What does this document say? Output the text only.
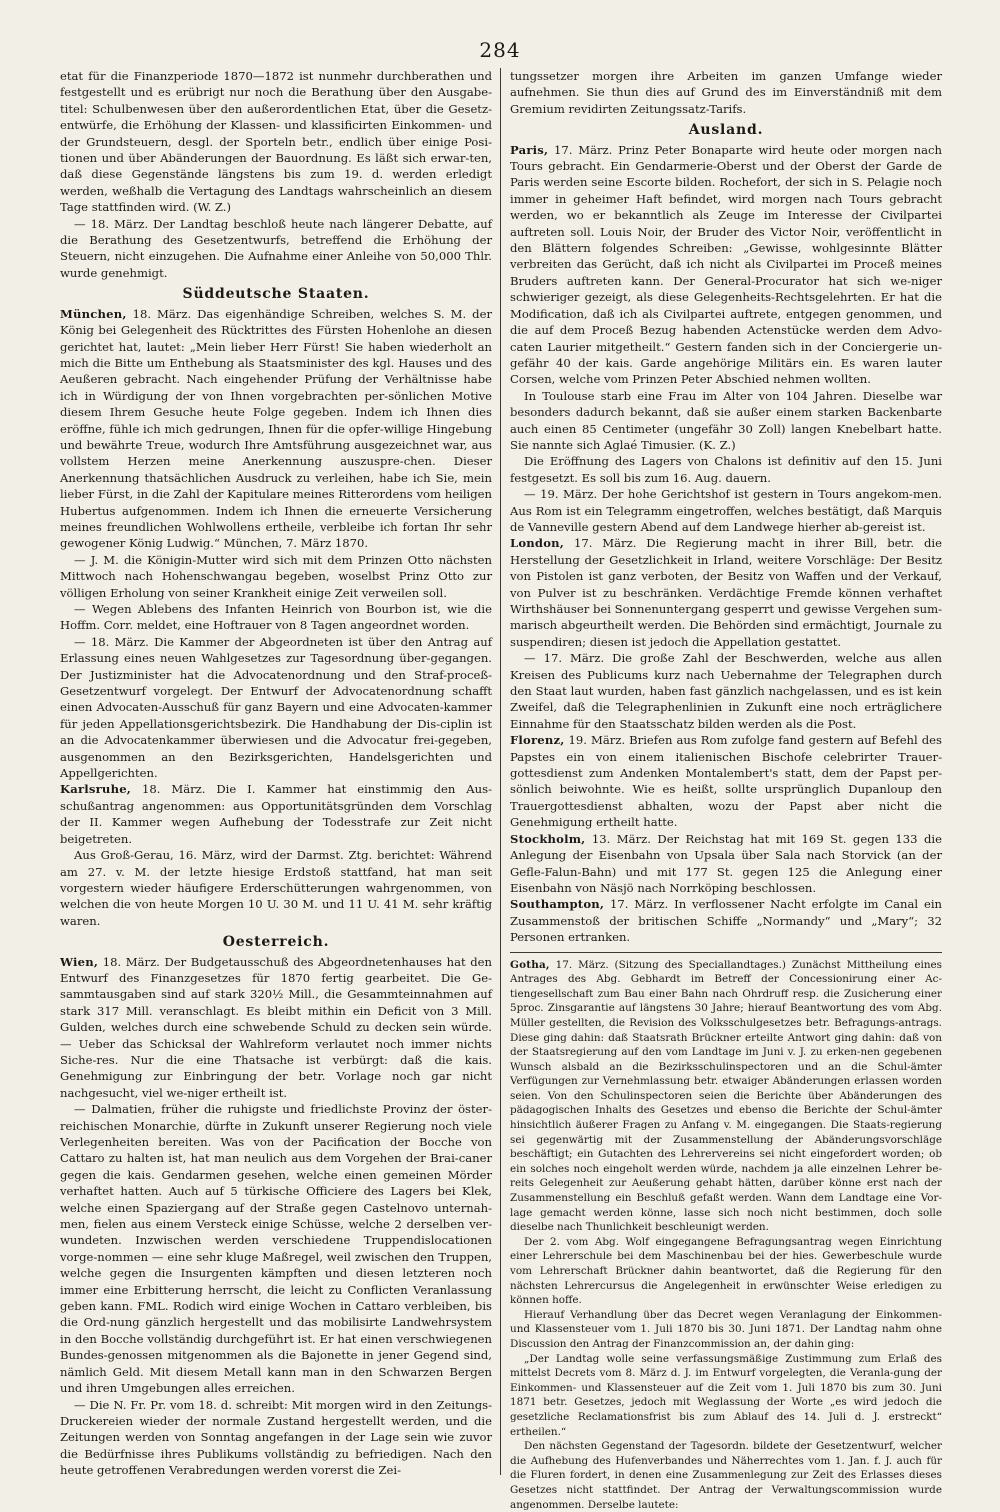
284

etat für die Finanzperiode 1870—1872 ist nunmehr durchberathen und festgestellt und es erübrigt nur noch die Berathung über den Ausgabe-titel: Schulbenwesen über den außerordentlichen Etat, über die Gesetz-entwürfe, die Erhöhung der Klassen- und klassificirten Einkommen- und der Grundsteuern, desgl. der Sporteln betr., endlich über einige Posi-tionen und über Abänderungen der Bauordnung. Es läßt sich erwar-ten, daß diese Gegenstände längstens bis zum 19. d. werden erledigt werden, weßhalb die Vertagung des Landtags wahrscheinlich an diesem Tage stattfinden wird. (W. Z.)

— 18. März. Der Landtag beschloß heute nach längerer Debatte, auf die Berathung des Gesetzentwurfs, betreffend die Erhöhung der Steuern, nicht einzugehen. Die Aufnahme einer Anleihe von 50,000 Thlr. wurde genehmigt.

Süddeutsche Staaten.

München, 18. März. Das eigenhändige Schreiben, welches S. M. der König bei Gelegenheit des Rücktrittes des Fürsten Hohenlohe an diesen gerichtet hat, lautet: „Mein lieber Herr Fürst! Sie haben wiederholt an mich die Bitte um Enthebung als Staatsminister des kgl. Hauses und des Aeußeren gebracht. Nach eingehender Prüfung der Verhältnisse habe ich in Würdigung der von Ihnen vorgebrachten per-sönlichen Motive diesem Ihrem Gesuche heute Folge gegeben. Indem ich Ihnen dies eröffne, fühle ich mich gedrungen, Ihnen für die opfer-willige Hingebung und bewährte Treue, wodurch Ihre Amtsführung ausgezeichnet war, aus vollstem Herzen meine Anerkennung auszuspre-chen. Dieser Anerkennung thatsächlichen Ausdruck zu verleihen, habe ich Sie, mein lieber Fürst, in die Zahl der Kapitulare meines Ritterordens vom heiligen Hubertus aufgenommen. Indem ich Ihnen die erneuerte Versicherung meines freundlichen Wohlwollens ertheile, verbleibe ich fortan Ihr sehr gewogener König Ludwig.“ München, 7. März 1870.

— J. M. die Königin-Mutter wird sich mit dem Prinzen Otto nächsten Mittwoch nach Hohenschwangau begeben, woselbst Prinz Otto zur völligen Erholung von seiner Krankheit einige Zeit verweilen soll.

— Wegen Ablebens des Infanten Heinrich von Bourbon ist, wie die Hoffm. Corr. meldet, eine Hoftrauer von 8 Tagen angeordnet worden.

— 18. März. Die Kammer der Abgeordneten ist über den Antrag auf Erlassung eines neuen Wahlgesetzes zur Tagesordnung über-gegangen. Der Justizminister hat die Advocatenordnung und den Straf-proceß-Gesetzentwurf vorgelegt. Der Entwurf der Advocatenordnung schafft einen Advocaten-Ausschuß für ganz Bayern und eine Advocaten-kammer für jeden Appellationsgerichtsbezirk. Die Handhabung der Dis-ciplin ist an die Advocatenkammer überwiesen und die Advocatur frei-gegeben, ausgenommen an den Bezirksgerichten, Handelsgerichten und Appellgerichten.

Karlsruhe, 18. März. Die I. Kammer hat einstimmig den Aus-schußantrag angenommen: aus Opportunitätsgründen dem Vorschlag der II. Kammer wegen Aufhebung der Todesstrafe zur Zeit nicht beigetreten.

Aus Groß-Gerau, 16. März, wird der Darmst. Ztg. berichtet: Während am 27. v. M. der letzte hiesige Erdstoß stattfand, hat man seit vorgestern wieder häufigere Erderschütterungen wahrgenommen, von welchen die von heute Morgen 10 U. 30 M. und 11 U. 41 M. sehr kräftig waren.

Oesterreich.

Wien, 18. März. Der Budgetausschuß des Abgeordnetenhauses hat den Entwurf des Finanzgesetzes für 1870 fertig gearbeitet. Die Ge-sammtausgaben sind auf stark 320½ Mill., die Gesammteinnahmen auf stark 317 Mill. veranschlagt. Es bleibt mithin ein Deficit von 3 Mill. Gulden, welches durch eine schwebende Schuld zu decken sein würde. — Ueber das Schicksal der Wahlreform verlautet noch immer nichts Siche-res. Nur die eine Thatsache ist verbürgt: daß die kais. Genehmigung zur Einbringung der betr. Vorlage noch gar nicht nachgesucht, viel we-niger ertheilt ist.

— Dalmatien, früher die ruhigste und friedlichste Provinz der öster-reichischen Monarchie, dürfte in Zukunft unserer Regierung noch viele Verlegenheiten bereiten. Was von der Pacification der Bocche von Cattaro zu halten ist, hat man neulich aus dem Vorgehen der Brai-caner gegen die kais. Gendarmen gesehen, welche einen gemeinen Mörder verhaftet hatten. Auch auf 5 türkische Officiere des Lagers bei Klek, welche einen Spaziergang auf der Straße gegen Castelnovo unternah-men, fielen aus einem Versteck einige Schüsse, welche 2 derselben ver-wundeten. Inzwischen werden verschiedene Truppendislocationen vorge-nommen — eine sehr kluge Maßregel, weil zwischen den Truppen, welche gegen die Insurgenten kämpften und diesen letzteren noch immer eine Erbitterung herrscht, die leicht zu Conflicten Veranlassung geben kann. FML. Rodich wird einige Wochen in Cattaro verbleiben, bis die Ord-nung gänzlich hergestellt und das mobilisirte Landwehrsystem in den Bocche vollständig durchgeführt ist. Er hat einen verschwiegenen Bundes-genossen mitgenommen als die Bajonette in jener Gegend sind, nämlich Geld. Mit diesem Metall kann man in den Schwarzen Bergen und ihren Umgebungen alles erreichen.

— Die N. Fr. Pr. vom 18. d. schreibt: Mit morgen wird in den Zeitungs-Druckereien wieder der normale Zustand hergestellt werden, und die Zeitungen werden von Sonntag angefangen in der Lage sein wie zuvor die Bedürfnisse ihres Publikums vollständig zu befriedigen. Nach den heute getroffenen Verabredungen werden vorerst die Zei-

tungssetzer morgen ihre Arbeiten im ganzen Umfange wieder aufnehmen. Sie thun dies auf Grund des im Einverständniß mit dem Gremium revidirten Zeitungssatz-Tarifs.

Ausland.

Paris, 17. März. Prinz Peter Bonaparte wird heute oder morgen nach Tours gebracht. Ein Gendarmerie-Oberst und der Oberst der Garde de Paris werden seine Escorte bilden. Rochefort, der sich in S. Pelagie noch immer in geheimer Haft befindet, wird morgen nach Tours gebracht werden, wo er bekanntlich als Zeuge im Interesse der Civilpartei auftreten soll. Louis Noir, der Bruder des Victor Noir, veröffentlicht in den Blättern folgendes Schreiben: „Gewisse, wohlgesinnte Blätter verbreiten das Gerücht, daß ich nicht als Civilpartei im Proceß meines Bruders auftreten kann. Der General-Procurator hat sich we-niger schwieriger gezeigt, als diese Gelegenheits-Rechtsgelehrten. Er hat die Modification, daß ich als Civilpartei auftrete, entgegen genommen, und die auf dem Proceß Bezug habenden Actenstücke werden dem Advo-caten Laurier mitgetheilt.“ Gestern fanden sich in der Conciergerie un-gefähr 40 der kais. Garde angehörige Militärs ein. Es waren lauter Corsen, welche vom Prinzen Peter Abschied nehmen wollten.

In Toulouse starb eine Frau im Alter von 104 Jahren. Dieselbe war besonders dadurch bekannt, daß sie außer einem starken Backenbarte auch einen 85 Centimeter (ungefähr 30 Zoll) langen Knebelbart hatte. Sie nannte sich Aglaé Timusier. (K. Z.)

Die Eröffnung des Lagers von Chalons ist definitiv auf den 15. Juni festgesetzt. Es soll bis zum 16. Aug. dauern.

— 19. März. Der hohe Gerichtshof ist gestern in Tours angekom-men. Aus Rom ist ein Telegramm eingetroffen, welches bestätigt, daß Marquis de Vanneville gestern Abend auf dem Landwege hierher ab-gereist ist.

London, 17. März. Die Regierung macht in ihrer Bill, betr. die Herstellung der Gesetzlichkeit in Irland, weitere Vorschläge: Der Besitz von Pistolen ist ganz verboten, der Besitz von Waffen und der Verkauf, von Pulver ist zu beschränken. Verdächtige Fremde können verhaftet Wirthshäuser bei Sonnenuntergang gesperrt und gewisse Vergehen sum-marisch abgeurtheilt werden. Die Behörden sind ermächtigt, Journale zu suspendiren; diesen ist jedoch die Appellation gestattet.

— 17. März. Die große Zahl der Beschwerden, welche aus allen Kreisen des Publicums kurz nach Uebernahme der Telegraphen durch den Staat laut wurden, haben fast gänzlich nachgelassen, und es ist kein Zweifel, daß die Telegraphenlinien in Zukunft eine noch erträglichere Einnahme für den Staatsschatz bilden werden als die Post.

Florenz, 19. März. Briefen aus Rom zufolge fand gestern auf Befehl des Papstes ein von einem italienischen Bischofe celebrirter Trauer-gottesdienst zum Andenken Montalembert's statt, dem der Papst per-sönlich beiwohnte. Wie es heißt, sollte ursprünglich Dupanloup den Trauergottesdienst abhalten, wozu der Papst aber nicht die Genehmigung ertheilt hatte.

Stockholm, 13. März. Der Reichstag hat mit 169 St. gegen 133 die Anlegung der Eisenbahn von Upsala über Sala nach Storvick (an der Gefle-Falun-Bahn) und mit 177 St. gegen 125 die Anlegung einer Eisenbahn von Näsjö nach Norrköping beschlossen.

Southampton, 17. März. In verflossener Nacht erfolgte im Canal ein Zusammenstoß der britischen Schiffe „Normandy“ und „Mary“; 32 Personen ertranken.

Gotha, 17. März. (Sitzung des Speciallandtages.) Zunächst Mittheilung eines Antrages des Abg. Gebhardt im Betreff der Concessionirung einer Ac-tiengesellschaft zum Bau einer Bahn nach Ohrdruff resp. die Zusicherung einer 5proc. Zinsgarantie auf längstens 30 Jahre; hierauf Beantwortung des vom Abg. Müller gestellten, die Revision des Volksschulgesetzes betr. Befragungs-antrags. Diese ging dahin: daß Staatsrath Brückner erteilte Antwort ging dahin: daß von der Staatsregierung auf den vom Landtage im Juni v. J. zu erken-nen gegebenen Wunsch alsbald an die Bezirksschulinspectoren und an die Schul-ämter Verfügungen zur Vernehmlassung betr. etwaiger Abänderungen erlassen worden seien. Von den Schulinspectoren seien die Berichte über Abänderungen des pädagogischen Inhalts des Gesetzes und ebenso die Berichte der Schul-ämter hinsichtlich äußerer Fragen zu Anfang v. M. eingegangen. Die Staats-regierung sei gegenwärtig mit der Zusammenstellung der Abänderungsvorschläge beschäftigt; ein Gutachten des Lehrervereins sei nicht eingefordert worden; ob ein solches noch eingeholt werden würde, nachdem ja alle einzelnen Lehrer be-reits Gelegenheit zur Aeußerung gehabt hätten, darüber könne erst nach der Zusammenstellung ein Beschluß gefaßt werden. Wann dem Landtage eine Vor-lage gemacht werden könne, lasse sich noch nicht bestimmen, doch solle dieselbe nach Thunlichkeit beschleunigt werden.

Der 2. vom Abg. Wolf eingegangene Befragungsantrag wegen Einrichtung einer Lehrerschule bei dem Maschinenbau bei der hies. Gewerbeschule wurde vom Lehrerschaft Brückner dahin beantwortet, daß die Regierung für den nächsten Lehrercursus die Angelegenheit in erwünschter Weise erledigen zu können hoffe.

Hierauf Verhandlung über das Decret wegen Veranlagung der Einkommen- und Klassensteuer vom 1. Juli 1870 bis 30. Juni 1871. Der Landtag nahm ohne Discussion den Antrag der Finanzcommission an, der dahin ging:

„Der Landtag wolle seine verfassungsmäßige Zustimmung zum Erlaß des mittelst Decrets vom 8. März d. J. im Entwurf vorgelegten, die Veranla-gung der Einkommen- und Klassensteuer auf die Zeit vom 1. Juli 1870 bis zum 30. Juni 1871 betr. Gesetzes, jedoch mit Weglassung der Worte „es wird jedoch die gesetzliche Reclamationsfrist bis zum Ablauf des 14. Juli d. J. erstreckt“ ertheilen.“

Den nächsten Gegenstand der Tagesordn. bildete der Gesetzentwurf, welcher die Aufhebung des Hufenverbandes und Näherrechtes vom 1. Jan. f. J. auch für die Fluren fordert, in denen eine Zusammenlegung zur Zeit des Erlasses dieses Gesetzes nicht stattfindet. Der Antrag der Verwaltungscommission wurde angenommen. Derselbe lautete:
